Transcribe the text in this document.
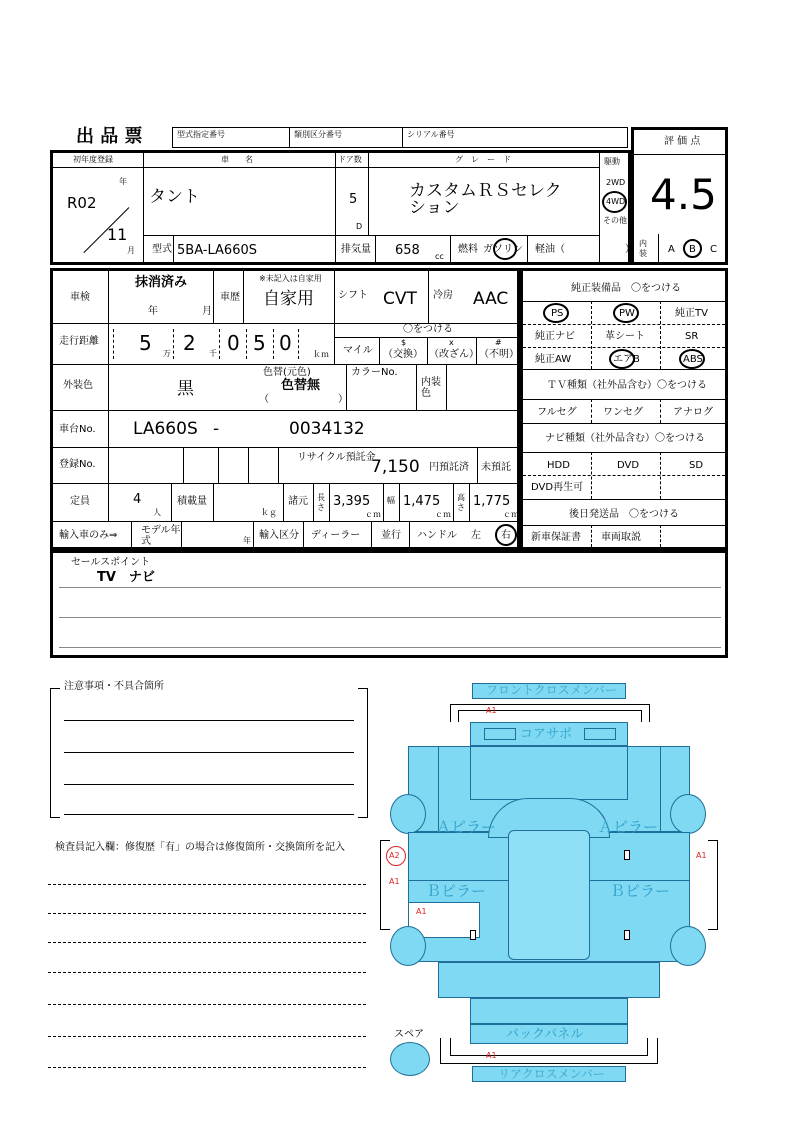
出 品 票	型式指定番号	類別区分番号	シリアル番号
評 価 点
4.5
初年度登録
R02
年
11
月
車　　名
タント
ドア数
5
D
グ　レ　ー　ド
カスタムＲＳセレクション
駆動
2WD
4WD
その他
型式 5BA-LA660S	排気量 658 cc
燃料 ガソリン 軽油（	）
内装	A B C
車検
抹消済み
年	月
車歴
※未記入は自家用
自家用 シフト CVT 冷房 AAC
走行距離 5 万 2 千 0 5 0	ｋｍ
〇をつける
マイル
$
（交換）
x
（改ざん）
#
（不明）
外装色	黒
色替(元色)
色替無
（	）
カラーNo.
内装色
車台No. LA660S -	0034132
登録No.
リサイクル預託金
7,150 円預託済 未預託
定員	4
人
積載量
ｋｇ
諸元 長さ 3,395
ｃｍ
幅 1,475
ｃｍ
高さ 1,775
ｃｍ
輸入車のみ⇒ モデル年式	年 輸入区分 ディーラー 並行 ハンドル 左 右
純正装備品　〇をつける
PS	PW	純正TV
純正ナビ	革シート	SR
純正AW	エアB	ABS
ＴＶ種類（社外品含む）〇をつける
フルセグ	ワンセグ	アナログ
ナビ種類（社外品含む）〇をつける
HDD	DVD	SD
DVD再生可
後日発送品　〇をつける
新車保証書 車両取説
セールスポイント
TV　ナビ
注意事項・不具合箇所
検査員記入欄：修復歴「有」の場合は修復箇所・交換箇所を記入
フロントクロスメンバー
コアサポ
Ａピラー	Ａピラー
Ｂピラー	Ｂピラー
バックパネル
リアクロスメンバー
A1
A2
A1
A1
A1
A1
スペア
